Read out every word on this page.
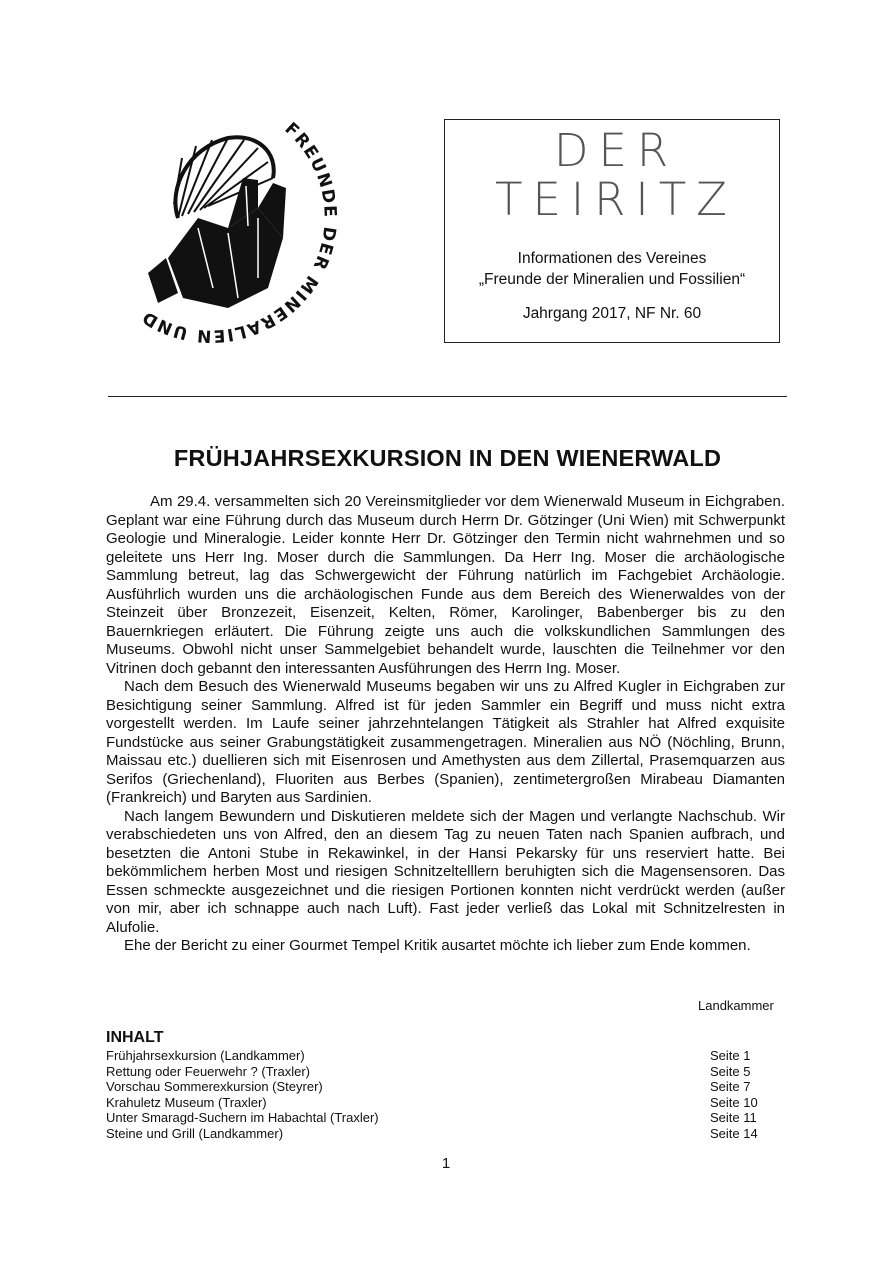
FREUNDE DER MINERALIEN UND
DER
TEIRITZ
Informationen des Vereines
„Freunde der Mineralien und Fossilien“
Jahrgang 2017, NF Nr. 60
FRÜHJAHRSEXKURSION IN DEN WIENERWALD

Am 29.4. versammelten sich 20 Vereinsmitglieder vor dem Wienerwald Museum in Eichgraben. Geplant war eine Führung durch das Museum durch Herrn Dr. Götzinger (Uni Wien) mit Schwerpunkt Geologie und Mineralogie. Leider konnte Herr Dr. Götzinger den Termin nicht wahrnehmen und so geleitete uns Herr Ing. Moser durch die Sammlungen. Da Herr Ing. Moser die archäologische Sammlung betreut, lag das Schwergewicht der Führung natürlich im Fachgebiet Archäologie. Ausführlich wurden uns die archäologischen Funde aus dem Bereich des Wienerwaldes von der Steinzeit über Bronzezeit, Eisenzeit, Kelten, Römer, Karolinger, Babenberger bis zu den Bauernkriegen erläutert. Die Führung zeigte uns auch die volkskundlichen Sammlungen des Museums. Obwohl nicht unser Sammelgebiet behandelt wurde, lauschten die Teilnehmer vor den Vitrinen doch gebannt den interessanten Ausführungen des Herrn Ing. Moser.

Nach dem Besuch des Wienerwald Museums begaben wir uns zu Alfred Kugler in Eichgraben zur Besichtigung seiner Sammlung. Alfred ist für jeden Sammler ein Begriff und muss nicht extra vorgestellt werden. Im Laufe seiner jahrzehntelangen Tätigkeit als Strahler hat Alfred exquisite Fundstücke aus seiner Grabungstätigkeit zusammengetragen. Mineralien aus NÖ (Nöchling, Brunn, Maissau etc.) duellieren sich mit Eisenrosen und Amethysten aus dem Zillertal, Prasemquarzen aus Serifos (Griechenland), Fluoriten aus Berbes (Spanien), zentimetergroßen Mirabeau Diamanten (Frankreich) und Baryten aus Sardinien.

Nach langem Bewundern und Diskutieren meldete sich der Magen und verlangte Nachschub. Wir verabschiedeten uns von Alfred, den an diesem Tag zu neuen Taten nach Spanien aufbrach, und besetzten die Antoni Stube in Rekawinkel, in der Hansi Pekarsky für uns reserviert hatte. Bei bekömmlichem herben Most und riesigen Schnitzeltelllern beruhigten sich die Magensensoren. Das Essen schmeckte ausgezeichnet und die riesigen Portionen konnten nicht verdrückt werden (außer von mir, aber ich schnappe auch nach Luft). Fast jeder verließ das Lokal mit Schnitzelresten in Alufolie.

Ehe der Bericht zu einer Gourmet Tempel Kritik ausartet möchte ich lieber zum Ende kommen.

Landkammer
INHALT
Frühjahrsexkursion (Landkammer)	Seite 1
Rettung oder Feuerwehr ? (Traxler)	Seite 5
Vorschau Sommerexkursion (Steyrer)	Seite 7
Krahuletz Museum (Traxler)	Seite 10
Unter Smaragd-Suchern im Habachtal (Traxler)	Seite 11
Steine und Grill (Landkammer)	Seite 14
1
